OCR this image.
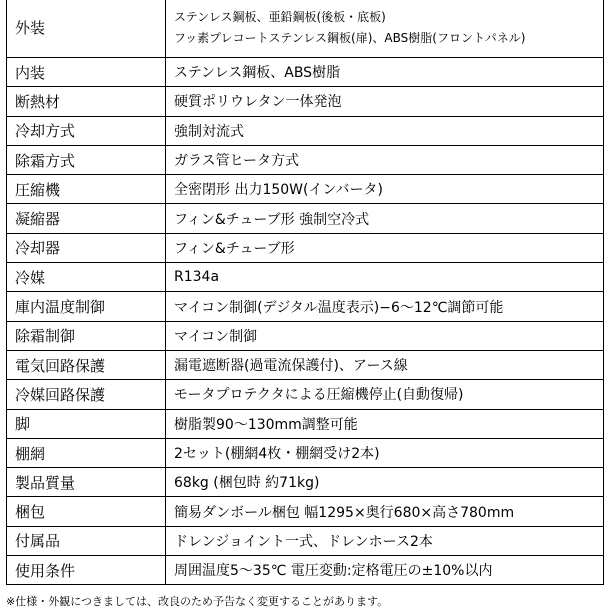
外装	ステンレス鋼板、亜鉛鋼板(後板・底板)
フッ素プレコートステンレス鋼板(扉)、ABS樹脂(フロントパネル)

内装	ステンレス鋼板、ABS樹脂
断熱材	硬質ポリウレタン一体発泡
冷却方式	強制対流式
除霜方式	ガラス管ヒータ方式
圧縮機	全密閉形 出力150W(インバータ)
凝縮器	フィン&チューブ形 強制空冷式
冷却器	フィン&チューブ形
冷媒	R134a
庫内温度制御	マイコン制御(デジタル温度表示)−6〜12℃調節可能
除霜制御	マイコン制御
電気回路保護	漏電遮断器(過電流保護付)、アース線
冷媒回路保護	モータプロテクタによる圧縮機停止(自動復帰)
脚	樹脂製90〜130mm調整可能
棚網	2セット(棚網4枚・棚網受け2本)
製品質量	68kg (梱包時 約71kg)
梱包	簡易ダンボール梱包 幅1295×奥行680×高さ780mm
付属品	ドレンジョイント一式、ドレンホース2本
使用条件	周囲温度5〜35℃ 電圧変動:定格電圧の±10%以内
※仕様・外観につきましては、改良のため予告なく変更することがあります。
